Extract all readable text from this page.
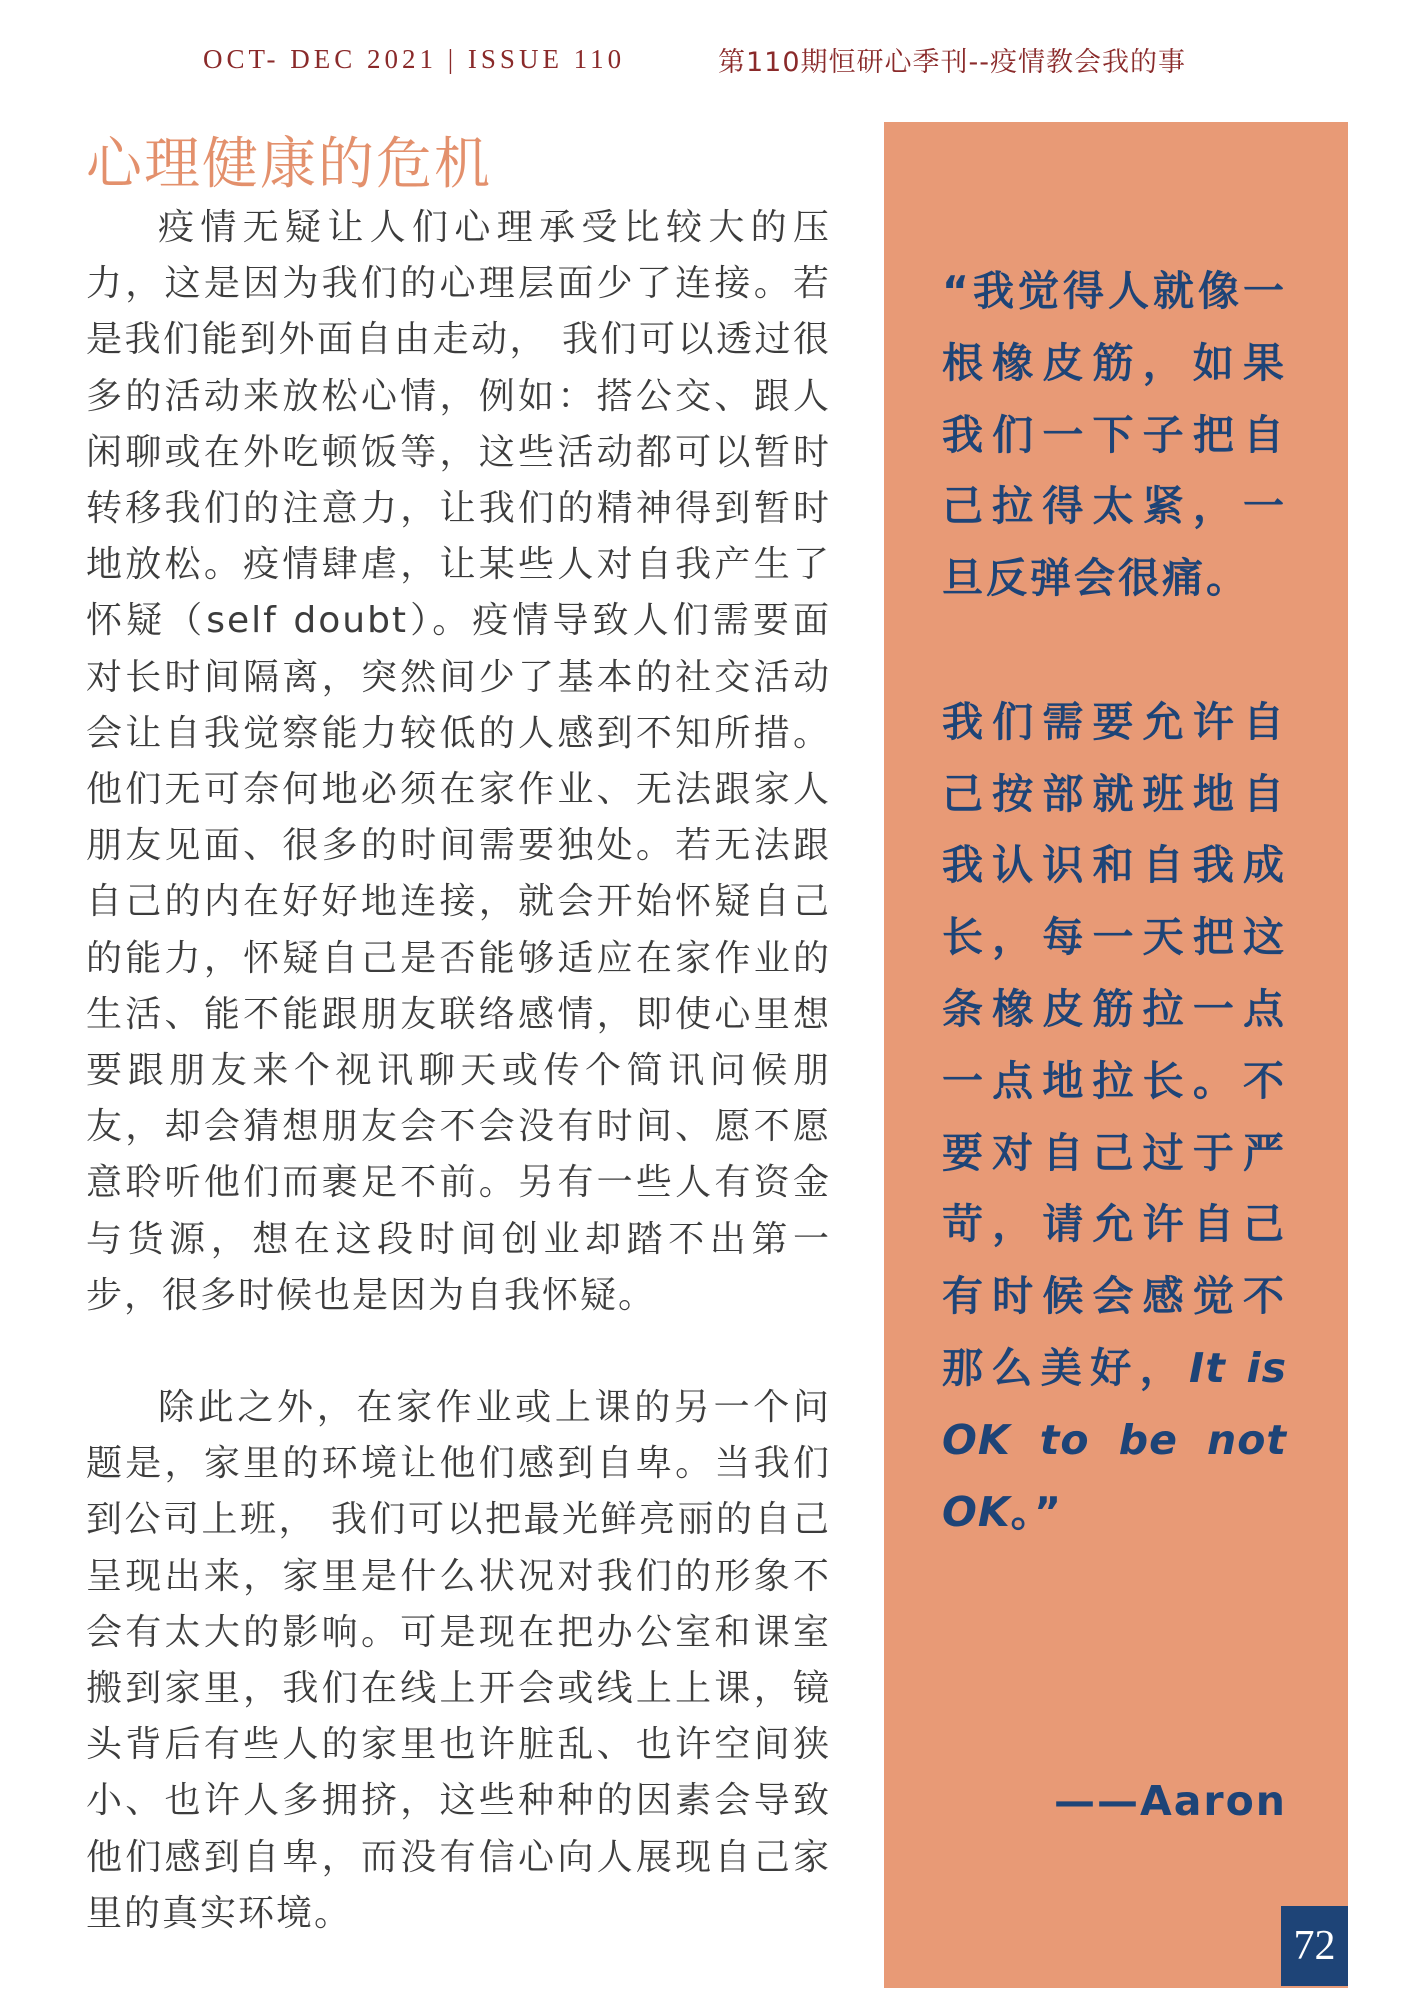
OCT- DEC 2021 | ISSUE 110	第110期恒研心季刊--疫情教会我的事
心理健康的危机

疫情无疑让人们心理承受比较大的压力，这是因为我们的心理层面少了连接。若是我们能到外面自由走动， 我们可以透过很多的活动来放松心情，例如：搭公交、跟人闲聊或在外吃顿饭等，这些活动都可以暂时转移我们的注意力，让我们的精神得到暂时地放松。疫情肆虐，让某些人对自我产生了怀疑（self doubt）。疫情导致人们需要面对长时间隔离，突然间少了基本的社交活动会让自我觉察能力较低的人感到不知所措。他们无可奈何地必须在家作业、无法跟家人朋友见面、很多的时间需要独处。若无法跟自己的内在好好地连接，就会开始怀疑自己的能力，怀疑自己是否能够适应在家作业的生活、能不能跟朋友联络感情，即使心里想要跟朋友来个视讯聊天或传个简讯问候朋友，却会猜想朋友会不会没有时间、愿不愿意聆听他们而裹足不前。另有一些人有资金与货源，想在这段时间创业却踏不出第一步，很多时候也是因为自我怀疑。

除此之外，在家作业或上课的另一个问题是，家里的环境让他们感到自卑。当我们到公司上班， 我们可以把最光鲜亮丽的自己呈现出来，家里是什么状况对我们的形象不会有太大的影响。可是现在把办公室和课室搬到家里，我们在线上开会或线上上课，镜头背后有些人的家里也许脏乱、也许空间狭小、也许人多拥挤，这些种种的因素会导致他们感到自卑，而没有信心向人展现自己家里的真实环境。

“我觉得人就像一根橡皮筋，如果我们一下子把自己拉得太紧，一旦反弹会很痛。

我们需要允许自己按部就班地自我认识和自我成长，每一天把这条橡皮筋拉一点一点地拉长。不要对自己过于严苛，请允许自己有时候会感觉不那么美好，It is OK to be not OK。”

——Aaron
72
